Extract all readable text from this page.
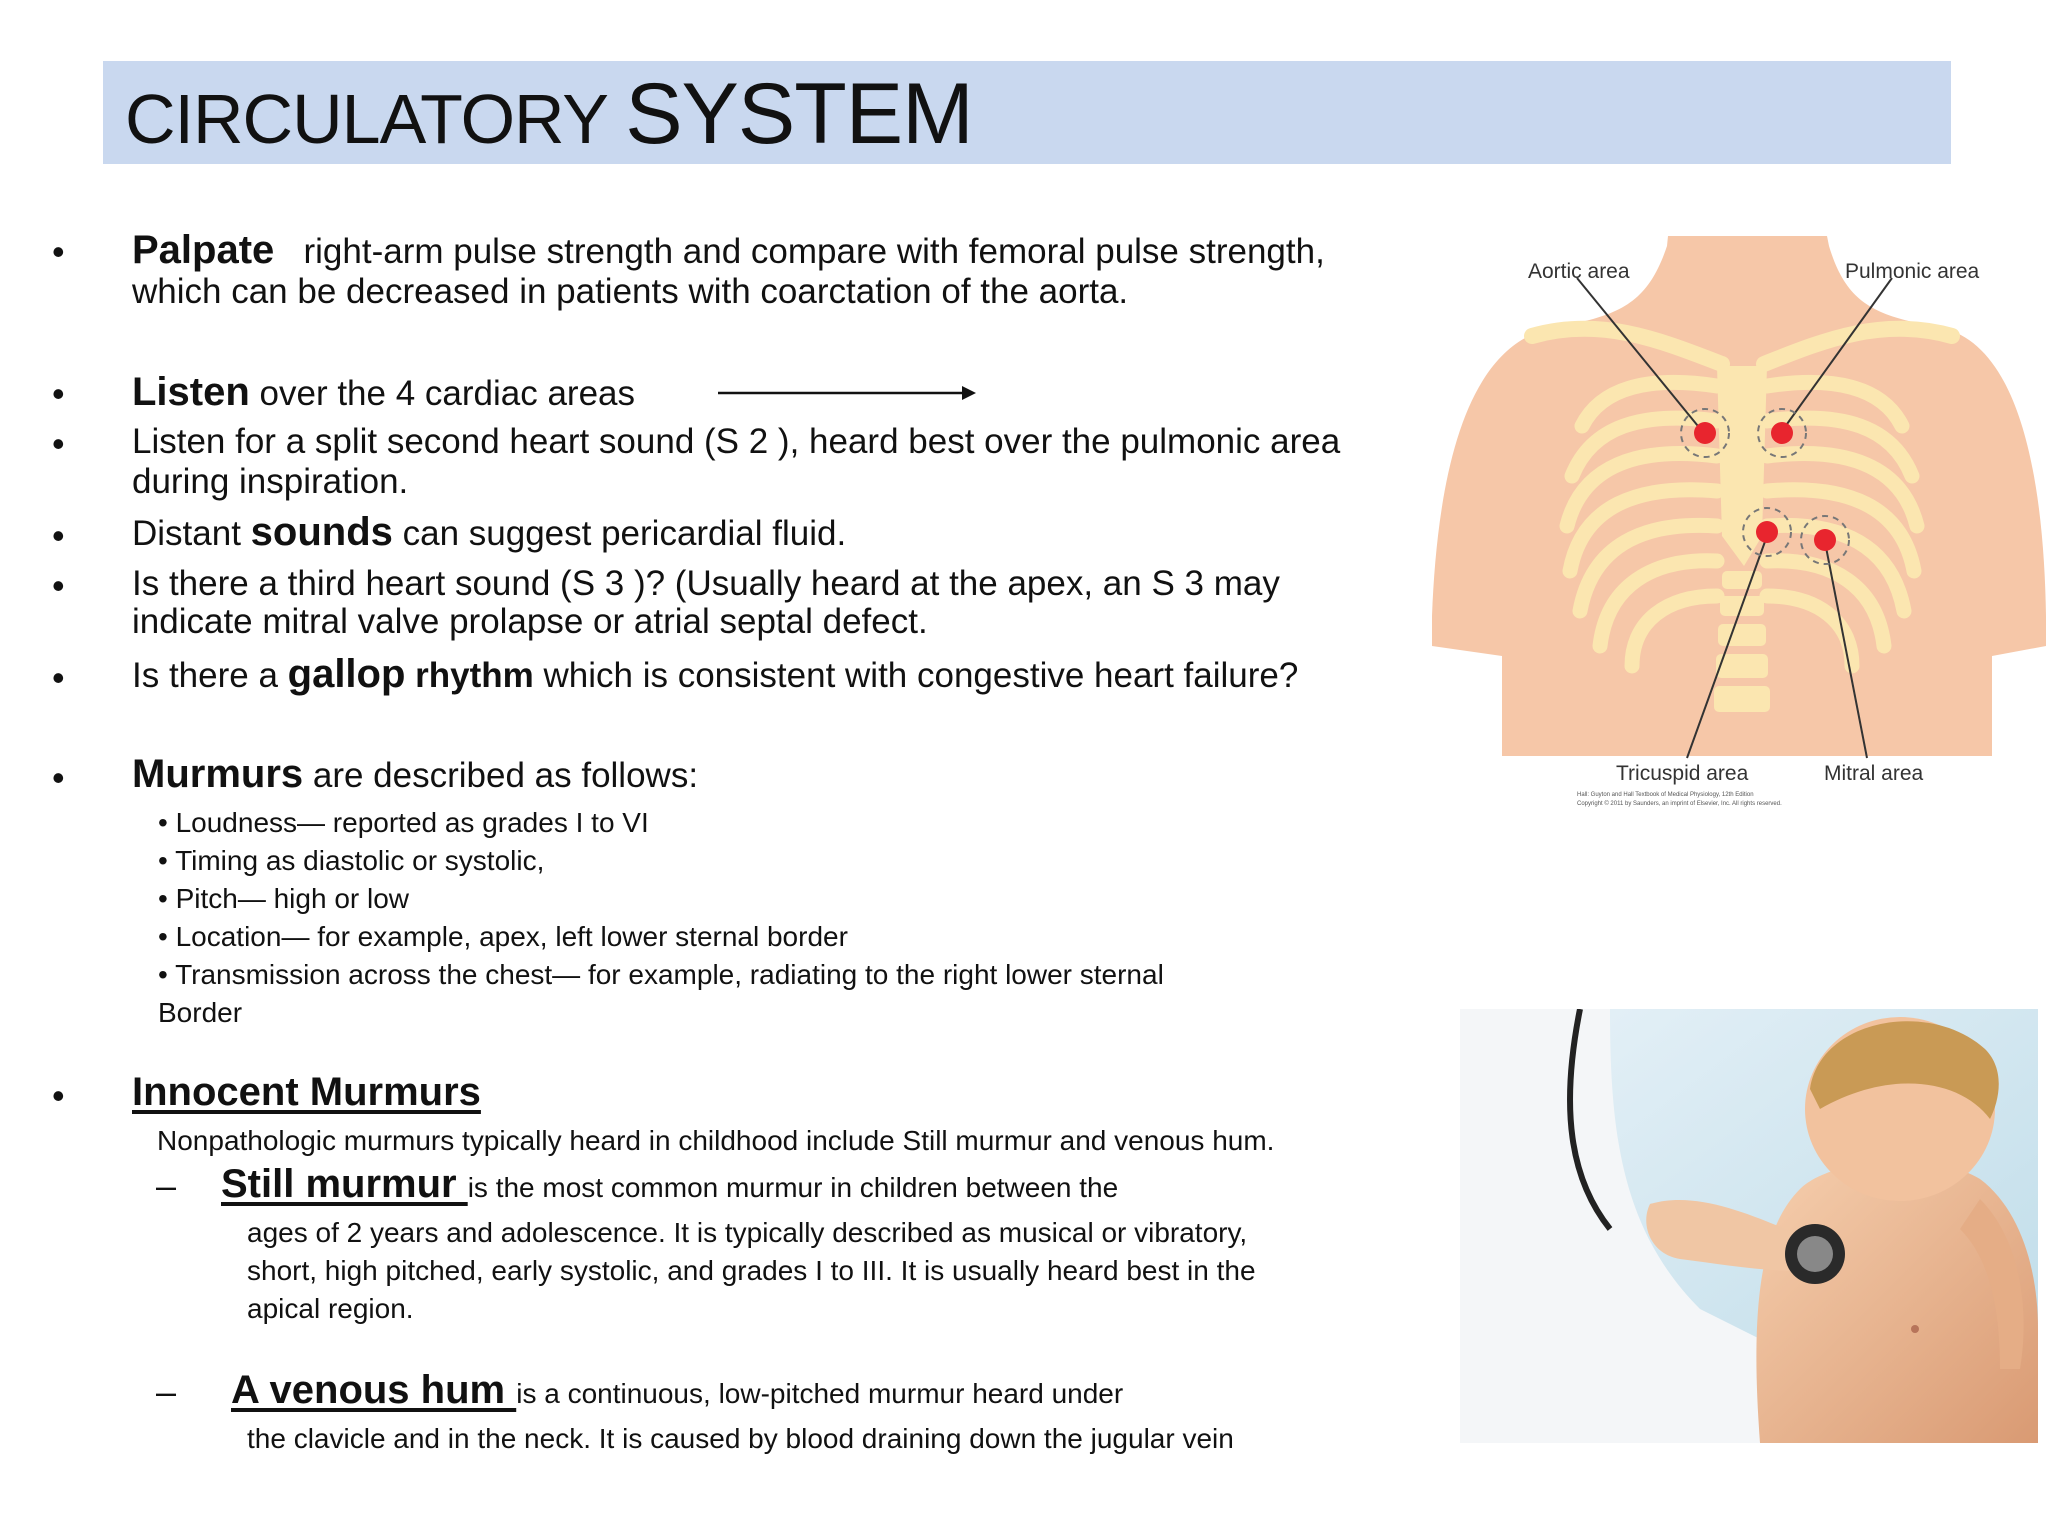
CIRCULATORY SYSTEM
• Palpate right-arm pulse strength and compare with femoral pulse strength,
which can be decreased in patients with coarctation of the aorta.
• Listen over the 4 cardiac areas
• Listen for a split second heart sound (S 2 ), heard best over the pulmonic area
during inspiration.
• Distant sounds can suggest pericardial fluid.
• Is there a third heart sound (S 3 )? (Usually heard at the apex, an S 3 may
indicate mitral valve prolapse or atrial septal defect.
• Is there a gallop rhythm which is consistent with congestive heart failure?
• Murmurs are described as follows:
• Loudness— reported as grades I to VI
• Timing as diastolic or systolic,
• Pitch— high or low
• Location— for example, apex, left lower sternal border
• Transmission across the chest— for example, radiating to the right lower sternal
Border
• Innocent Murmurs
Nonpathologic murmurs typically heard in childhood include Still murmur and venous hum.
– Still murmur is the most common murmur in children between the
ages of 2 years and adolescence. It is typically described as musical or vibratory,
short, high pitched, early systolic, and grades I to III. It is usually heard best in the
apical region.
– A venous hum is a continuous, low-pitched murmur heard under
the clavicle and in the neck. It is caused by blood draining down the jugular vein
Aortic area	Pulmonic area
Tricuspid area	Mitral area
Hall: Guyton and Hall Textbook of Medical Physiology, 12th Edition
Copyright © 2011 by Saunders, an imprint of Elsevier, Inc. All rights reserved.
